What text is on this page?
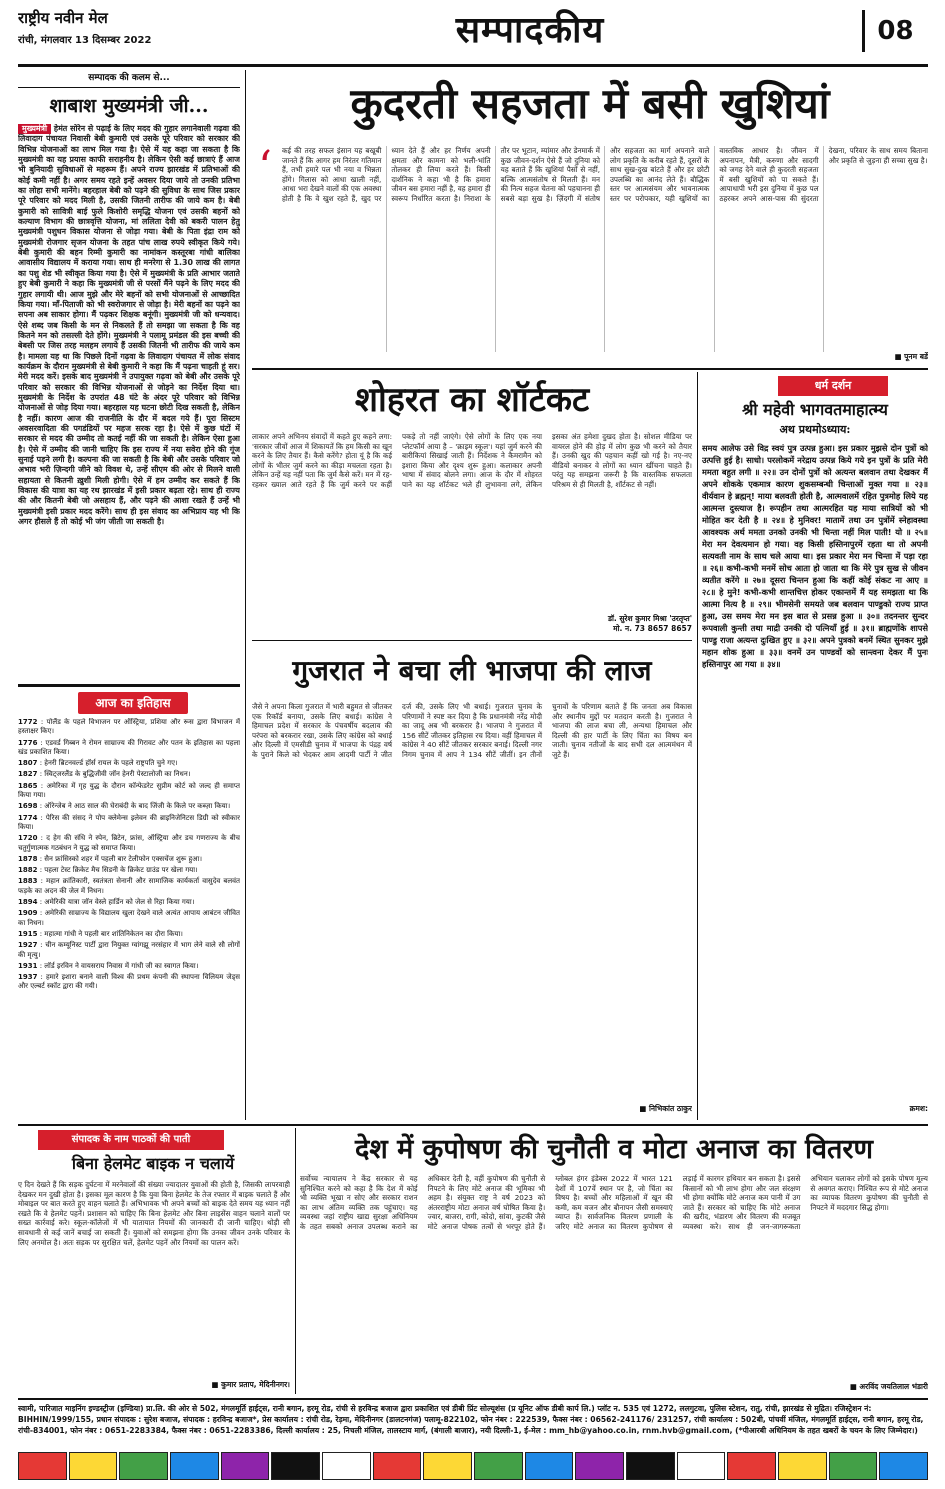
राष्ट्रीय नवीन मेल
रांची, मंगलवार 13 दिसम्बर 2022	सम्पादकीय	08
सम्पादक की कलम से...
शाबाश मुख्यमंत्री जी...
मुख्यमंत्री हेमंत सोरेन से पढ़ाई के लिए मदद की गुहार लगानेवाली गढ़वा की लिवादाग पंचायत निवासी बेबी कुमारी एवं उसके पूरे परिवार को सरकार की विभिन्न योजनाओं का लाभ मिल गया है। ऐसे में यह कहा जा सकता है कि मुख्यमंत्री का यह प्रयास काफी सराहनीय है। लेकिन ऐसी कई छात्राएं हैं आज भी बुनियादी सुविधाओं से महरूम हैं। अपने राज्य झारखंड में प्रतिभाओं की कोई कमी नहीं है। अगर समय रहते इन्हें अवसर दिया जाये तो उनकी प्रतिभा का लोहा सभी मानेंगे। बहरहाल बेबी को पढ़ने की सुविधा के साथ जिस प्रकार पूरे परिवार को मदद मिली है, उसकी जितनी तारीफ की जाये कम है। बेबी कुमारी को सावित्री बाई फुले किशोरी समृद्धि योजना एवं उसकी बहनों को कल्याण विभाग की छात्रवृत्ति योजना, मां ललिता देवी को बकरी पालन हेतु मुख्यमंत्री पशुधन विकास योजना से जोड़ा गया। बेबी के पिता इंद्रा राम को मुख्यमंत्री रोजगार सृजन योजना के तहत पांच लाख रुपये स्वीकृत किये गये। बेबी कुमारी की बहन रिम्मी कुमारी का नामांकन कस्तूरबा गांधी बालिका आवासीय विद्यालय में कराया गया। साथ ही मनरेगा से 1.30 लाख की लागत का पशु शेड भी स्वीकृत किया गया है। ऐसे में मुख्यमंत्री के प्रति आभार जताते हुए बेबी कुमारी ने कहा कि मुख्यमंत्री जी से परसों मैंने पढ़ने के लिए मदद की गुहार लगायी थी। आज मुझे और मेरे बहनों को सभी योजनाओं से आच्छादित किया गया। माँ-पिताजी को भी स्वरोजगार से जोड़ा है। मेरी बहनों का पढ़ने का सपना अब साकार होगा। मैं पढ़कर शिक्षक बनूंगी। मुख्यमंत्री जी को धन्यवाद। ऐसे शब्द जब किसी के मन से निकलते हैं तो समझा जा सकता है कि वह कितने मन को तसल्ली देते होंगे। मुख्यमंत्री ने पलामू प्रमंडल की इस बच्ची की बेबसी पर जिस तरह मलहम लगाये हैं उसकी जितनी भी तारीफ की जाये कम है। मामला यह था कि पिछले दिनों गढ़वा के लिवादाग पंचायत में लोक संवाद कार्यक्रम के दौरान मुख्यमंत्री से बेबी कुमारी ने कहा कि मैं पढ़ना चाहती हूं सर। मेरी मदद करें। इसके बाद मुख्यमंत्री ने उपायुक्त गढ़वा को बेबी और उसके पूरे परिवार को सरकार की विभिन्न योजनाओं से जोड़ने का निर्देश दिया था। मुख्यमंत्री के निर्देश के उपरांत 48 घंटे के अंदर पूरे परिवार को विभिन्न योजनाओं से जोड़ दिया गया। बहरहाल यह घटना छोटी दिख सकती है, लेकिन है नहीं। कारण आज की राजनीति के दौर में बदल गये हैं। पूरा सिस्टम अवसरवादिता की पगडंडियों पर महज सरक रहा है। ऐसे में कुछ घंटों में सरकार से मदद की उम्मीद तो कतई नहीं की जा सकती है। लेकिन ऐसा हुआ है। ऐसे में उम्मीद की जानी चाहिए कि इस राज्य में नया सवेरा होने की गूंज सुनाई पड़ने लगी है। कल्पना की जा सकती है कि बेबी और उसके परिवार जो अभाव भरी ज़िन्दगी जीने को विवश थे, उन्हें सीएम की ओर से मिलने वाली सहायता से कितनी ख़ुशी मिली होगी। ऐसे में हम उम्मीद कर सकते हैं कि विकास की यात्रा का यह रथ झारखंड में इसी प्रकार बढ़ता रहे। साथ ही राज्य की और कितनी बेबी जो असहाय हैं, और पढ़ने की आशा रखते हैं उन्हें भी मुख्यमंत्री इसी प्रकार मदद करेंगे। साथ ही इस संवाद का अभिप्राय यह भी कि अगर हौसले हैं तो कोई भी जंग जीती जा सकती है।
आज का इतिहास
1772 : पोलैंड के पहले विभाजन पर ऑस्ट्रिया, प्रशिया और रूस द्वारा विभाजन में हस्ताक्षर किए।
1776 : एडवर्ड गिब्बन ने रोमन साम्राज्य की गिरावट और पतन के इतिहास का पहला खंड प्रकाशित किया।
1807 : हेनरी ब्रिटनवर्ल्ड हॉर्स रायल के पहले राष्ट्रपति चुने गए।
1827 : स्विट्जरलैंड के बुद्धिजीवी जॉन हेनरी पेस्टालोजी का निधन।
1865 : अमेरिका में गृह युद्ध के दौरान कॉन्फेडरेट सुप्रीम कोर्ट को जल्द ही समाप्त किया गया।
1698 : ऑरेन्जेब ने आठ साल की घेराबंदी के बाद जिंजी के किले पर कब्ज़ा किया।
1774 : पेरिस की संसद ने पोप क्लेमेन्स इलेवन की ब्राइनिजेनिटस डिग्री को स्वीकार किया।
1720 : द हेग की संधि ने स्पेन, ब्रिटेन, फ्रांस, ऑस्ट्रिया और डच गणराज्य के बीच चतुर्गुणात्मक गठबंधन ने युद्ध को समाप्त किया।
1878 : सैन फ्रांसिस्को शहर में पहली बार टेलीफोन एक्सचेंज शुरू हुआ।
1882 : पहला टेस्ट क्रिकेट मैच सिडनी के क्रिकेट ग्राउंड पर खेला गया।
1883 : महान क्रांतिकारी, स्वतंत्रता सेनानी और सामाजिक कार्यकर्ता वासुदेव बलवंत फड़के का अदन की जेल में निधन।
1894 : अमेरिकी यात्रा जॉन वेस्ले हार्डिन को जेल से रिहा किया गया।
1909 : अमेरिकी साम्राज्य के विद्यालय खुला देखने वाले अत्यंत आपाय आबंटन जीवित का निधन।
1915 : महात्मा गांधी ने पहली बार शांतिनिकेतन का दौरा किया।
1927 : चीन कम्यूनिस्ट पार्टी द्वारा नियुक्त ग्वांगझू नरसंहार में भाग लेने वाले सौ लोगों की मृत्यु।
1931 : लॉर्ड इरविन ने वायसराय निवास में गांधी जी का स्वागत किया।
1937 : हमारे इशारा बनाने वाली विश्व की प्रथम कंपनी की स्थापना विलियम जेड्स और एल्बर्ट स्कॉट द्वारा की गयी।
कुदरती सहजता में बसी खुशियां
‘	कई की तरह सफल इंसान यह बखूबी जानते हैं कि आगर हम निरंतर गतिमान हैं, तभी हमारे पल भी नया व भिन्नता होंगे। गिलास को आधा खाली नहीं, आधा भरा देखने वालों की एक अवस्था होती है कि वे खुश रहते हैं, खुद पर ध्यान देते हैं और हर निर्णय अपनी क्षमता और कामना को भली-भांति तोलकर ही लिया करते हैं। किसी दार्शनिक ने कहा भी है कि हमारा जीवन बस हमारा नहीं है, वह हमारा ही स्वरूप निर्धारित करता है। निराशा के तौर पर भूटान, म्यांमार और डेनमार्क में कुछ जीवन-दर्शन ऐसे हैं जो दुनिया को यह बताते हैं कि खुशियां पैसों से नहीं, बल्कि आत्मसंतोष से मिलती हैं। मन की नित्य सहज चेतना को पहचानना ही सबसे बड़ा सुख है। ज़िंदगी में संतोष और सहजता का मार्ग अपनाने वाले लोग प्रकृति के करीब रहते हैं, दूसरों के साथ सुख-दुख बांटते हैं और हर छोटी उपलब्धि का आनंद लेते हैं। बौद्धिक स्तर पर आत्मसंयम और भावनात्मक स्तर पर परोपकार, यही खुशियों का वास्तविक आधार है। जीवन में अपनापन, मैत्री, करुणा और सादगी को जगह देने वाले ही कुदरती सहजता में बसी खुशियों को पा सकते हैं। आपाधापी भरी इस दुनिया में कुछ पल ठहरकर अपने आस-पास की सुंदरता देखना, परिवार के साथ समय बिताना और प्रकृति से जुड़ना ही सच्चा सुख है।
■ पूनम बर्डे
शोहरत का शॉर्टकट
लाकार अपने अभिनय संवादों में कहते हुए कहने लगा: 'सरकार जीवों आज में शिकायतें कि हम किसी का खून करने के लिए तैयार हैं। कैसे करेंगे? होता यूं है कि कई लोगों के भीतर जुर्म करने का कीड़ा मचलता रहता है। लेकिन उन्हें यह नहीं पता कि जुर्म कैसे करें। मन में रह-रहकर ख्याल आते रहते हैं कि जुर्म करने पर कहीं पकड़े तो नहीं जाएंगे। ऐसे लोगों के लिए एक नया प्लेटफॉर्म आया है – 'क्राइम स्कूल'। यहां जुर्म करने की बारीकियां सिखाई जाती हैं। निर्देशक ने कैमरामैन को इशारा किया और दृश्य शुरू हुआ। कलाकार अपनी भाषा में संवाद बोलने लगा। आज के दौर में शोहरत पाने का यह शॉर्टकट भले ही लुभावना लगे, लेकिन इसका अंत हमेशा दुखद होता है। सोशल मीडिया पर वायरल होने की होड़ में लोग कुछ भी करने को तैयार हैं। उनकी खुद की पहचान कहीं खो गई है। नए-नए वीडियो बनाकर वे लोगों का ध्यान खींचना चाहते हैं। परंतु यह समझना जरूरी है कि वास्तविक सफलता परिश्रम से ही मिलती है, शॉर्टकट से नहीं।
डॉ. सुरेश कुमार मिश्रा 'उरतृप्त'
मो. न. 73 8657 8657
गुजरात ने बचा ली भाजपा की लाज
जैसे ने अपना किला गुजरात में भारी बहुमत से जीतकर एक रिकॉर्ड बनाया, उसके लिए बधाई। कांग्रेस ने हिमाचल प्रदेश में सरकार के पंचवर्षीय बदलाव की परंपरा को बरकरार रखा, उसके लिए कांग्रेस को बधाई और दिल्ली में एमसीडी चुनाव में भाजपा के पंद्रह वर्ष के पुराने किले को भेदकर आम आदमी पार्टी ने जीत दर्ज की, उसके लिए भी बधाई। गुजरात चुनाव के परिणामों ने स्पष्ट कर दिया है कि प्रधानमंत्री नरेंद्र मोदी का जादू अब भी बरकरार है। भाजपा ने गुजरात में 156 सीटें जीतकर इतिहास रच दिया। वहीं हिमाचल में कांग्रेस ने 40 सीटें जीतकर सरकार बनाई। दिल्ली नगर निगम चुनाव में आप ने 134 सीटें जीतीं। इन तीनों चुनावों के परिणाम बताते हैं कि जनता अब विकास और स्थानीय मुद्दों पर मतदान करती है। गुजरात ने भाजपा की लाज बचा ली, अन्यथा हिमाचल और दिल्ली की हार पार्टी के लिए चिंता का विषय बन जाती। चुनाव नतीजों के बाद सभी दल आत्ममंथन में जुटे हैं।
■ निभिकांत ठाकुर
धर्म दर्शन
श्री महेवी भागवतमाहात्म्य
अथ प्रथमोऽध्याय:
समय आलेफ उसे विद्र स्वयं पुत्र उत्पन्न हुआ। इस प्रकार मुझसे दोन पुत्रों को उत्पत्ति हुई है। साधो। परलोकमें नरेद्राय उत्पन्न किये गये इन पुत्रों के प्रति मेरी ममता बहुत लगी ॥ २२॥ उन दोनों पुत्रों को अत्यन्त बलवान तथा देखकर मैं अपने शोकके एकमात्र कारण शुकसम्बन्धी चिन्ताओं मुक्त गया ॥ २३॥ वीर्यवान हे ब्रह्मन्‌! माया बलवती होती है, आत्मवालमें रहित पुत्रमोह लिये यह आत्मन्त दुस्त्याज है। रूपहीन तथा आत्मरहित यह माया सात्रियों को भी मोहित कर देती है ॥ २४॥ हे मुनिवर! मातामें तथा उन पुत्रोंमें स्नेहावस्था आवश्यक अर्थ ममता उनको उनकी भी चिन्ता नहीं मिल पाती! यो ॥ २५॥ मेरा मन देवत्यमान हो गया। वह किसी हस्तिनापुरमें रहता था तो अपनी सत्यवती नाम के साथ चले आया था। इस प्रकार मेरा मन चिन्ता में पड़ा रहा ॥ २६॥ कभी-कभी मनमें सोच आता हो जाता था कि मेरे पुत्र सुख से जीवन व्यतीत करेंगे ॥ २७॥ दूसरा चिन्तन हुआ कि कहीं कोई संकट ना आए ॥ २८॥ हे मुने! कभी-कभी शान्तचित्त होकर एकान्तमें मैं यह समझता था कि आत्मा नित्य है ॥ २९॥ भीमसेनी समयते जब बलवान पाण्डुको राज्य प्राप्त हुआ, उस समय मेरा मन इस बात से प्रसन्न हुआ ॥ ३०॥ तदनन्तर सुन्दर रूपवाली कुन्ती तथा माद्री उनकी दो पत्नियाँ हुई ॥ ३१॥ ब्राह्मणोंके शापसे पाण्डु राजा अत्यन्त दुःखित हुए ॥ ३२॥ अपने पुत्रको बनमें स्थित सुनकर मुझे महान शोक हुआ ॥ ३३॥ वनमें उन पाण्डवों को सान्त्वना देकर मैं पुनः हस्तिनापुर आ गया ॥ ३४॥
क्रमश:
संपादक के नाम पाठकों की पाती
बिना हेलमेट बाइक न चलायें
ए दिन देखते हैं कि सड़क दुर्घटना में मरनेवालों की संख्या ज्यादातर युवाओं की होती है, जिसकी लापरवाही देखकर मन दुखी होता है। इसका मूल कारण है कि युवा बिना हेलमेट के तेज रफ्तार में बाइक चलाते हैं और मोबाइल पर बात करते हुए वाहन चलाते हैं। अभिभावक भी अपने बच्चों को बाइक देते समय यह ध्यान नहीं रखते कि वे हेलमेट पहनें। प्रशासन को चाहिए कि बिना हेलमेट और बिना लाइसेंस वाहन चलाने वालों पर सख्त कार्रवाई करे। स्कूल-कॉलेजों में भी यातायात नियमों की जानकारी दी जानी चाहिए। थोड़ी सी सावधानी से कई जानें बचाई जा सकती हैं। युवाओं को समझना होगा कि उनका जीवन उनके परिवार के लिए अनमोल है। अतः सड़क पर सुरक्षित चलें, हेलमेट पहनें और नियमों का पालन करें।
■ कुमार प्रताप, मेदिनीनगर।
देश में कुपोषण की चुनौती व मोटा अनाज का वितरण
सर्वोच्च न्यायालय ने केंद्र सरकार से यह सुनिश्चित करने को कहा है कि देश में कोई भी व्यक्ति भूखा न सोए और सरकार राशन का लाभ अंतिम व्यक्ति तक पहुंचाए। यह व्यवस्था जहां राष्ट्रीय खाद्य सुरक्षा अधिनियम के तहत सबको अनाज उपलब्ध कराने का अधिकार देती है, वहीं कुपोषण की चुनौती से निपटने के लिए मोटे अनाज की भूमिका भी अहम है। संयुक्त राष्ट्र ने वर्ष 2023 को अंतरराष्ट्रीय मोटा अनाज वर्ष घोषित किया है। ज्वार, बाजरा, रागी, कोदो, सांवा, कुटकी जैसे मोटे अनाज पोषक तत्वों से भरपूर होते हैं। ग्लोबल हंगर इंडेक्स 2022 में भारत 121 देशों में 107वें स्थान पर है, जो चिंता का विषय है। बच्चों और महिलाओं में खून की कमी, कम वजन और बौनापन जैसी समस्याएं व्याप्त हैं। सार्वजनिक वितरण प्रणाली के जरिए मोटे अनाज का वितरण कुपोषण से लड़ाई में कारगर हथियार बन सकता है। इससे किसानों को भी लाभ होगा और जल संरक्षण भी होगा क्योंकि मोटे अनाज कम पानी में उग जाते हैं। सरकार को चाहिए कि मोटे अनाज की खरीद, भंडारण और वितरण की मजबूत व्यवस्था करे। साथ ही जन-जागरूकता अभियान चलाकर लोगों को इसके पोषण मूल्य से अवगत कराए। निश्चित रूप से मोटे अनाज का व्यापक वितरण कुपोषण की चुनौती से निपटने में मददगार सिद्ध होगा।
■ अरविंद जयतिलाल भंडारी
स्वामी, पारिजात माइनिंग इण्डस्ट्रीज (इण्डिया) प्रा.लि. की ओर से 502, मंगलमूर्ति हाईट्स, रानी बगान, हरमू रोड, रांची से हरविन्द्र बजाज द्वारा प्रकाशित एवं डीबी प्रिंट सोल्यूशंस (प्र यूनिट ऑफ डीबी कार्प लि.) प्लॉट न. 535 एवं 1272, ललगुटवा, पुलिस स्टेशन, रातु, रांची, झारखंड से मुद्रित। रजिस्ट्रेशन नं: BIHHIN/1999/155, प्रधान संपादक : सुरेश बजाज, संपादक : हरविन्द्र बजाज*, प्रेस कार्यालय : रांची रोड, रेड़मा, मेदिनीनगर (डालटनगंज) पलामू-822102, फोन नंबर : 222539, फैक्स नंबर : 06562-241176/ 231257, रांची कार्यालय : 502बी, पांचवीं मंजिल, मंगलमूर्ति हाईट्स, रानी बगान, हरमू रोड, रांची-834001, फोन नंबर : 0651-2283384, फैक्स नंबर : 0651-2283386, दिल्ली कार्यालय : 25, निचली मंजिल, तालस्टाय मार्ग, (बंगाली बाजार), नयी दिल्ली-1, ई-मेल : mm_hb@yahoo.co.in, rnm.hvb@gmail.com, (*पीआरबी अधिनियम के तहत खबरों के चयन के लिए जिम्मेदार।)
